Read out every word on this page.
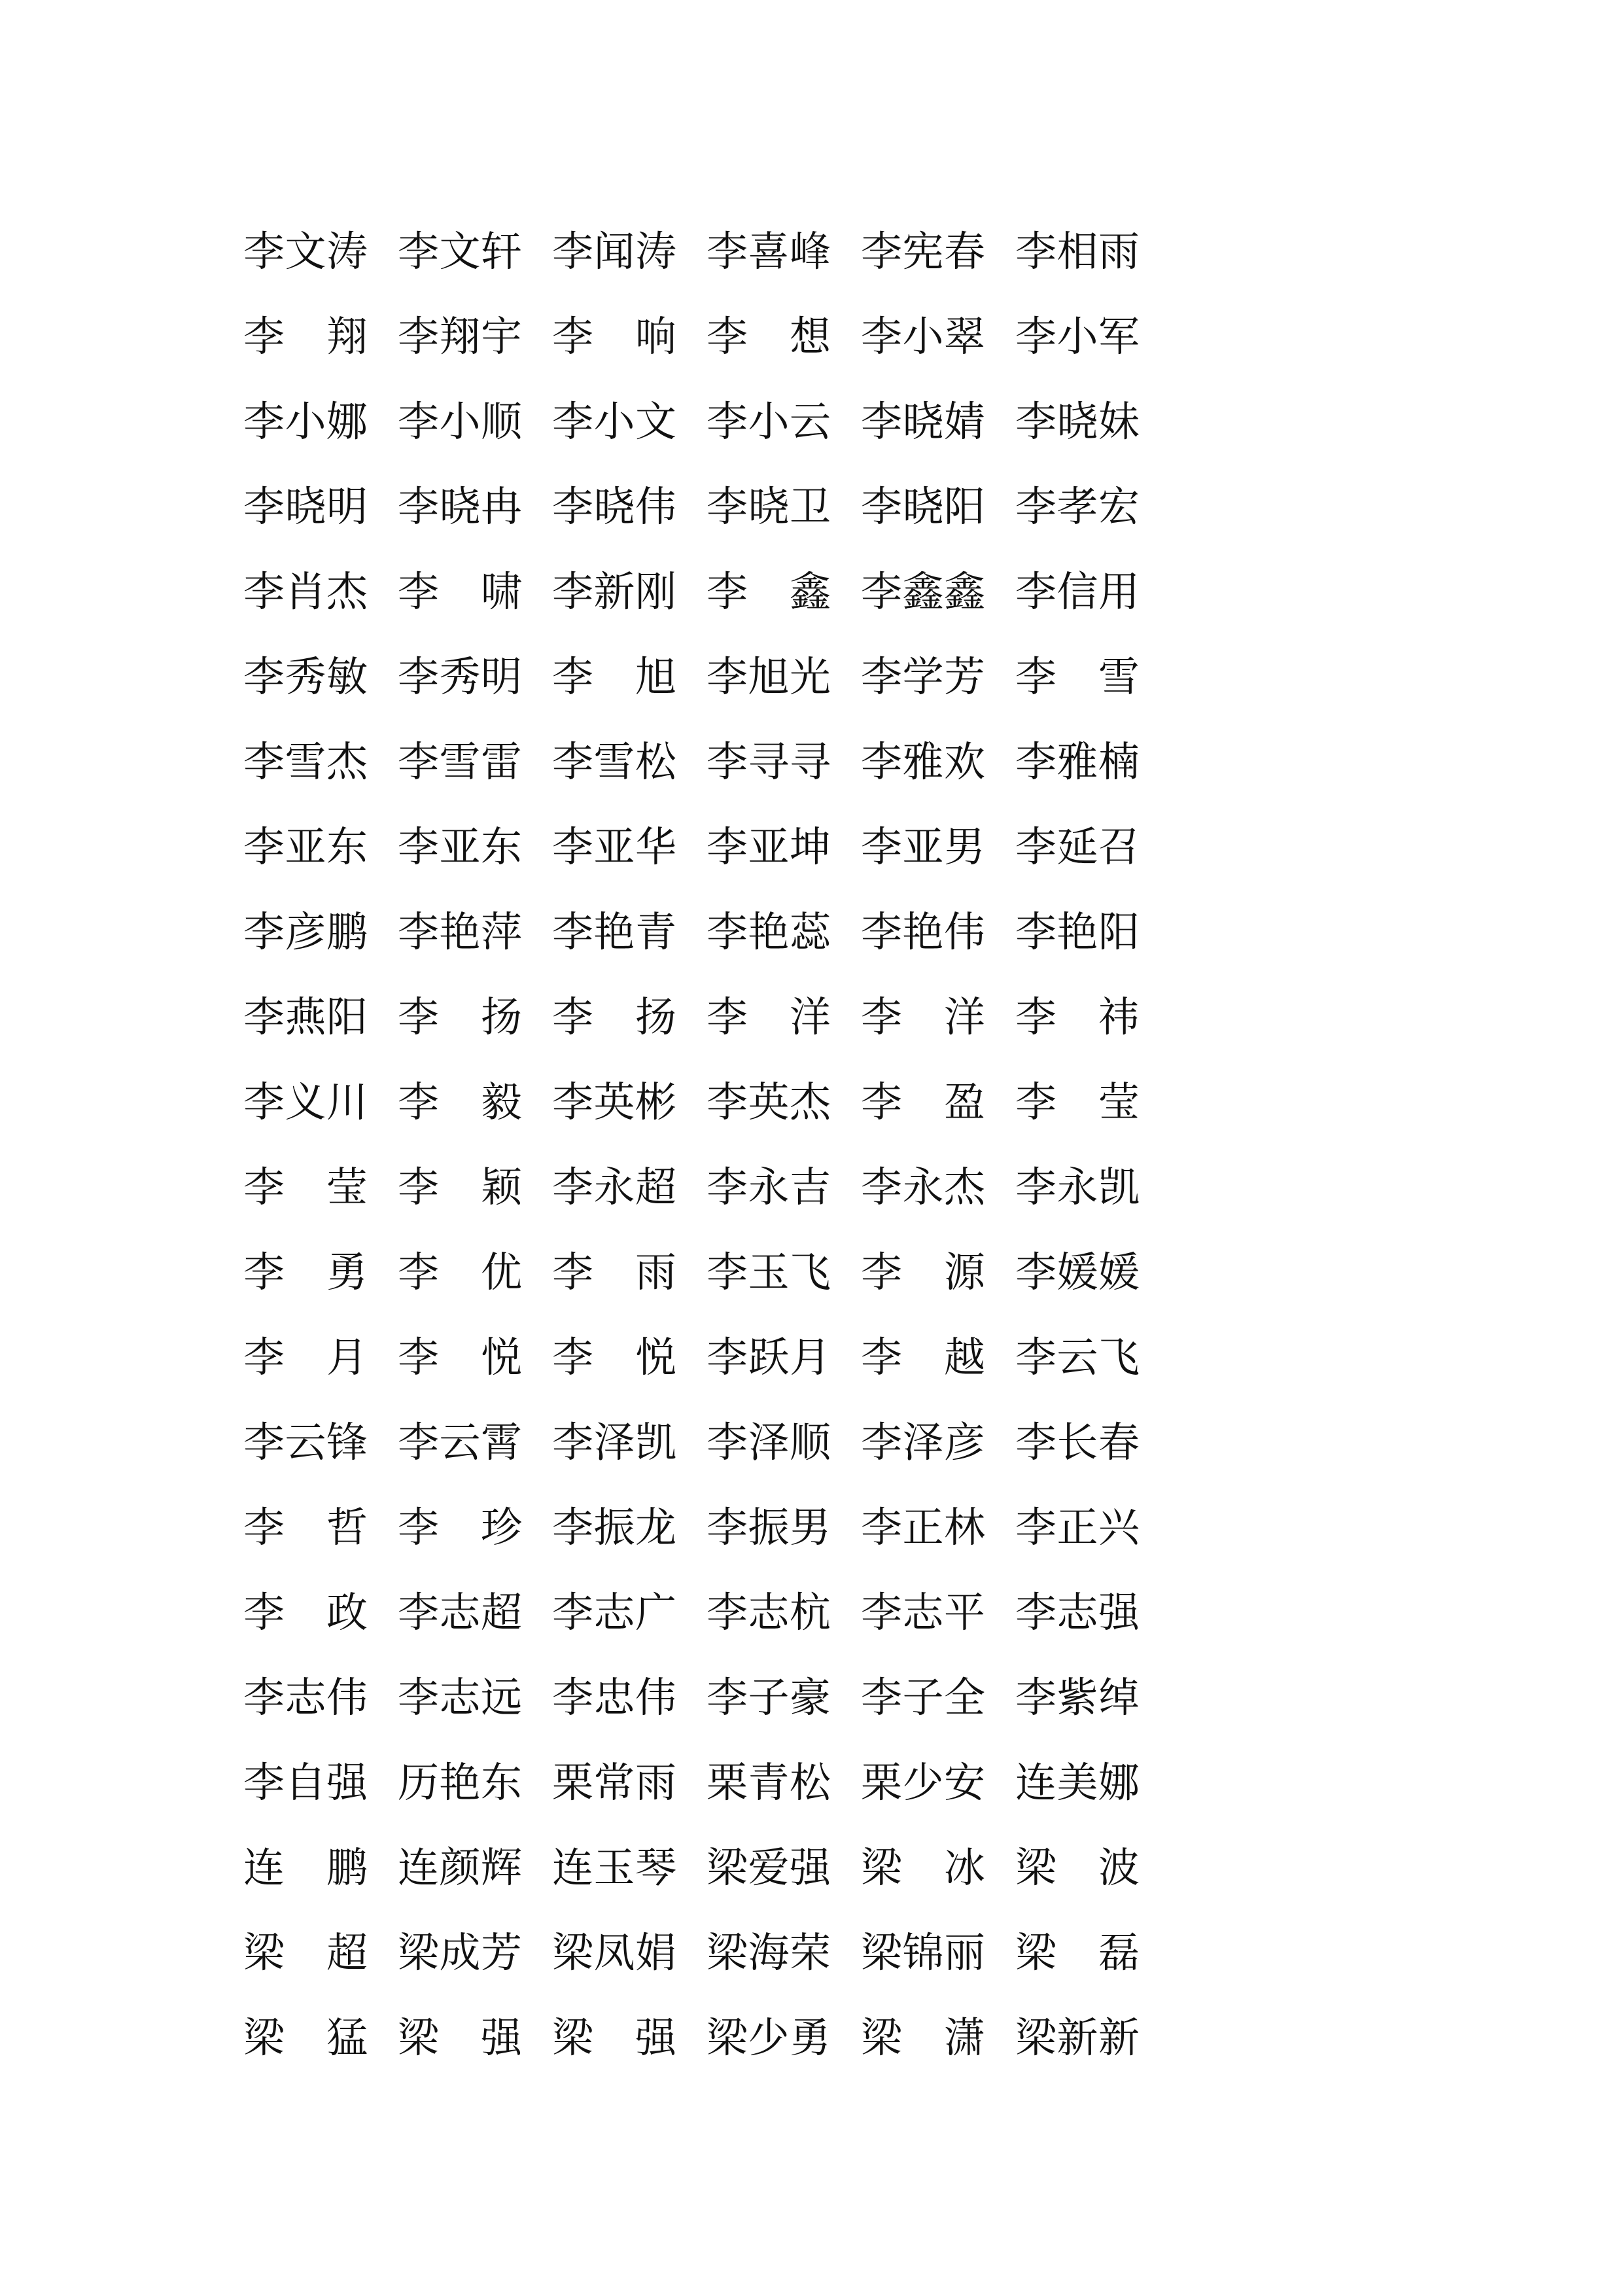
李 文 涛 李 文 轩 李 闻 涛 李 喜 峰 李 宪 春 李 相 雨
李 翔 李 翔 宇 李 响 李 想 李 小 翠 李 小 军
李 小 娜 李 小 顺 李 小 文 李 小 云 李 晓 婧 李 晓 妹
李 晓 明 李 晓 冉 李 晓 伟 李 晓 卫 李 晓 阳 李 孝 宏
李 肖 杰 李 啸 李 新 刚 李 鑫 李 鑫 鑫 李 信 用
李 秀 敏 李 秀 明 李 旭 李 旭 光 李 学 芳 李 雪
李 雪 杰 李 雪 雷 李 雪 松 李 寻 寻 李 雅 欢 李 雅 楠
李 亚 东 李 亚 东 李 亚 华 李 亚 坤 李 亚 男 李 延 召
李 彦 鹏 李 艳 萍 李 艳 青 李 艳 蕊 李 艳 伟 李 艳 阳
李 燕 阳 李 扬 李 扬 李 洋 李 洋 李 祎
李 义 川 李 毅 李 英 彬 李 英 杰 李 盈 李 莹
李 莹 李 颖 李 永 超 李 永 吉 李 永 杰 李 永 凯
李 勇 李 优 李 雨 李 玉 飞 李 源 李 媛 媛
李 月 李 悦 李 悦 李 跃 月 李 越 李 云 飞
李 云 锋 李 云 霄 李 泽 凯 李 泽 顺 李 泽 彦 李 长 春
李 哲 李 珍 李 振 龙 李 振 男 李 正 林 李 正 兴
李 政 李 志 超 李 志 广 李 志 杭 李 志 平 李 志 强
李 志 伟 李 志 远 李 忠 伟 李 子 豪 李 子 全 李 紫 绰
李 自 强 历 艳 东 栗 常 雨 栗 青 松 栗 少 安 连 美 娜
连 鹏 连 颜 辉 连 玉 琴 梁 爱 强 梁 冰 梁 波
梁 超 梁 成 芳 梁 凤 娟 梁 海 荣 梁 锦 丽 梁 磊
梁 猛 梁 强 梁 强 梁 少 勇 梁 潇 梁 新 新
